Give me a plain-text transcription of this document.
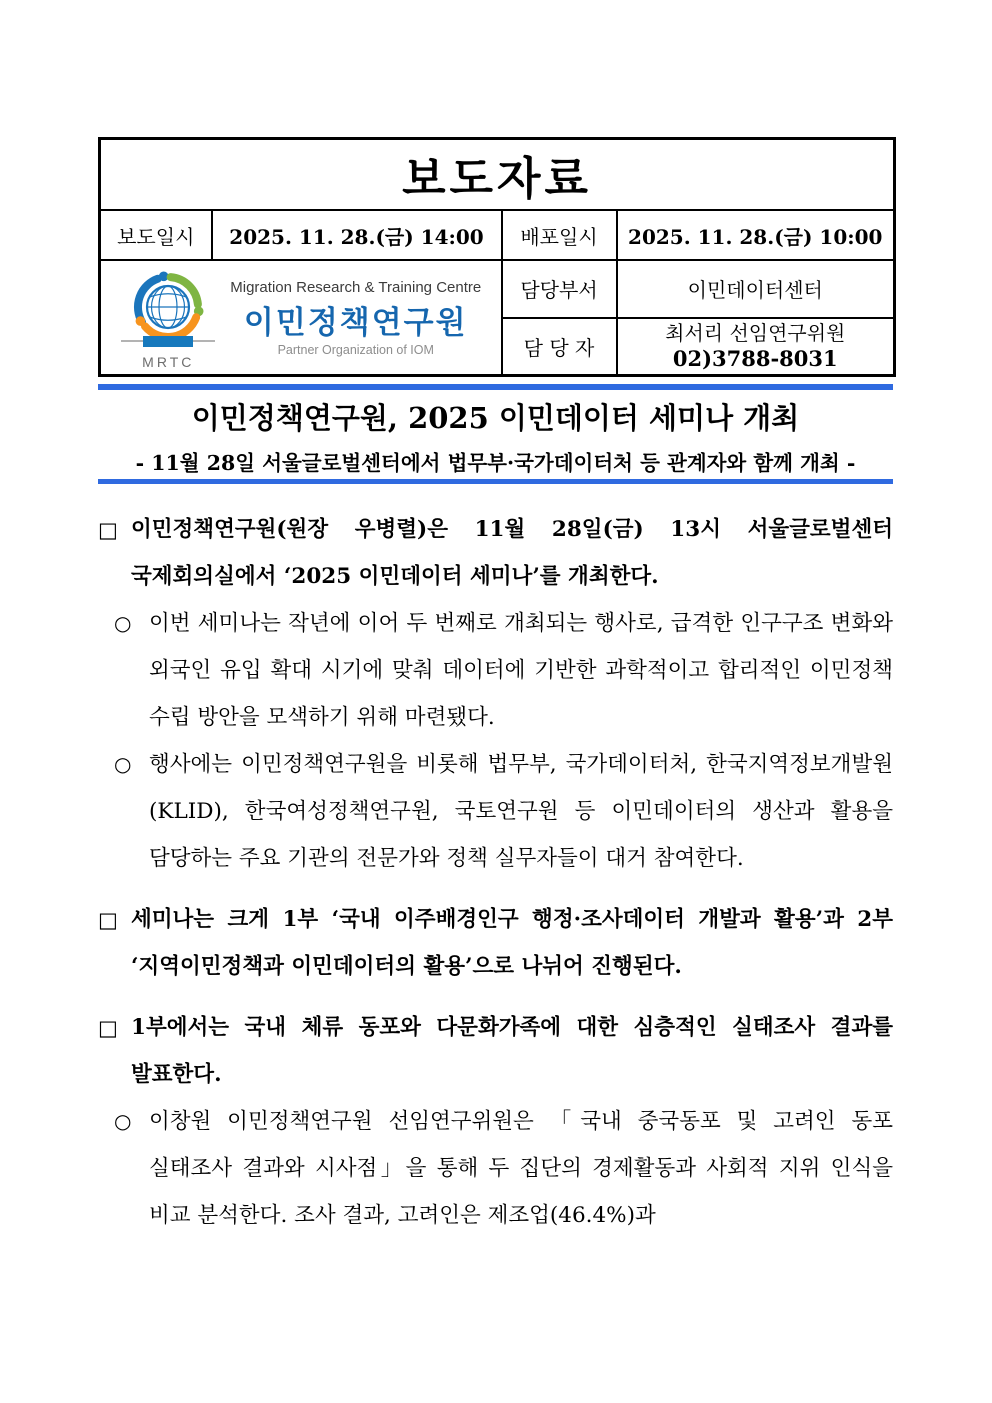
보도자료			
보도일시	2025. 11. 28.(금) 14:00	배포일시	2025. 11. 28.(금) 10:00

MRTC
Migration Research & Training Centre
이민정책연구원
Partner Organization of IOM		담당부서	이민데이터센터
		담 당 자	최서리 선임연구위원
02)3788-8031
이민정책연구원, 2025 이민데이터 세미나 개최
- 11월 28일 서울글로벌센터에서 법무부·국가데이터처 등 관계자와 함께 개최 -
□ 이민정책연구원(원장 우병렬)은 11월 28일(금) 13시 서울글로벌센터 국제회의실에서 ‘2025 이민데이터 세미나’를 개최한다.
○ 이번 세미나는 작년에 이어 두 번째로 개최되는 행사로, 급격한 인구구조 변화와 외국인 유입 확대 시기에 맞춰 데이터에 기반한 과학적이고 합리적인 이민정책 수립 방안을 모색하기 위해 마련됐다.
○ 행사에는 이민정책연구원을 비롯해 법무부, 국가데이터처, 한국지역정보개발원(KLID), 한국여성정책연구원, 국토연구원 등 이민데이터의 생산과 활용을 담당하는 주요 기관의 전문가와 정책 실무자들이 대거 참여한다.
□ 세미나는 크게 1부 ‘국내 이주배경인구 행정·조사데이터 개발과 활용’과 2부 ‘지역이민정책과 이민데이터의 활용’으로 나뉘어 진행된다.
□ 1부에서는 국내 체류 동포와 다문화가족에 대한 심층적인 실태조사 결과를 발표한다.
○ 이창원 이민정책연구원 선임연구위원은 「국내 중국동포 및 고려인 동포 실태조사 결과와 시사점」을 통해 두 집단의 경제활동과 사회적 지위 인식을 비교 분석한다. 조사 결과, 고려인은 제조업(46.4%)과
